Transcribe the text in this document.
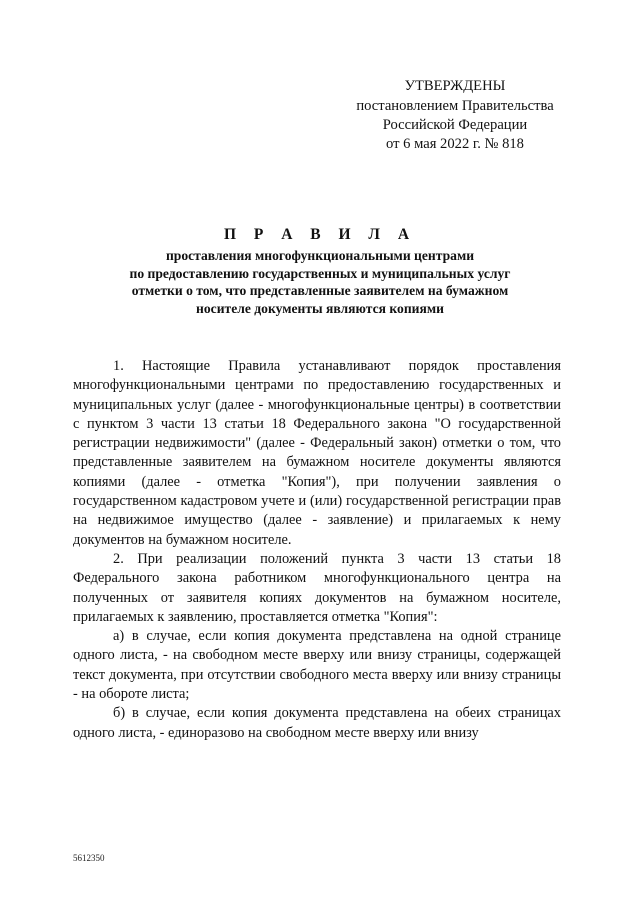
УТВЕРЖДЕНЫ
постановлением Правительства
Российской Федерации
от 6 мая 2022 г. № 818
П Р А В И Л А
проставления многофункциональными центрами
по предоставлению государственных и муниципальных услуг
отметки о том, что представленные заявителем на бумажном
носителе документы являются копиями

1. Настоящие Правила устанавливают порядок проставления многофункциональными центрами по предоставлению государственных и муниципальных услуг (далее - многофункциональные центры) в соответствии с пунктом 3 части 13 статьи 18 Федерального закона "О государственной регистрации недвижимости" (далее - Федеральный закон) отметки о том, что представленные заявителем на бумажном носителе документы являются копиями (далее - отметка "Копия"), при получении заявления о государственном кадастровом учете и (или) государственной регистрации прав на недвижимое имущество (далее - заявление) и прилагаемых к нему документов на бумажном носителе.

2. При реализации положений пункта 3 части 13 статьи 18 Федерального закона работником многофункционального центра на полученных от заявителя копиях документов на бумажном носителе, прилагаемых к заявлению, проставляется отметка "Копия":

а) в случае, если копия документа представлена на одной странице одного листа, - на свободном месте вверху или внизу страницы, содержащей текст документа, при отсутствии свободного места вверху или внизу страницы - на обороте листа;

б) в случае, если копия документа представлена на обеих страницах одного листа, - единоразово на свободном месте вверху или внизу

5612350
